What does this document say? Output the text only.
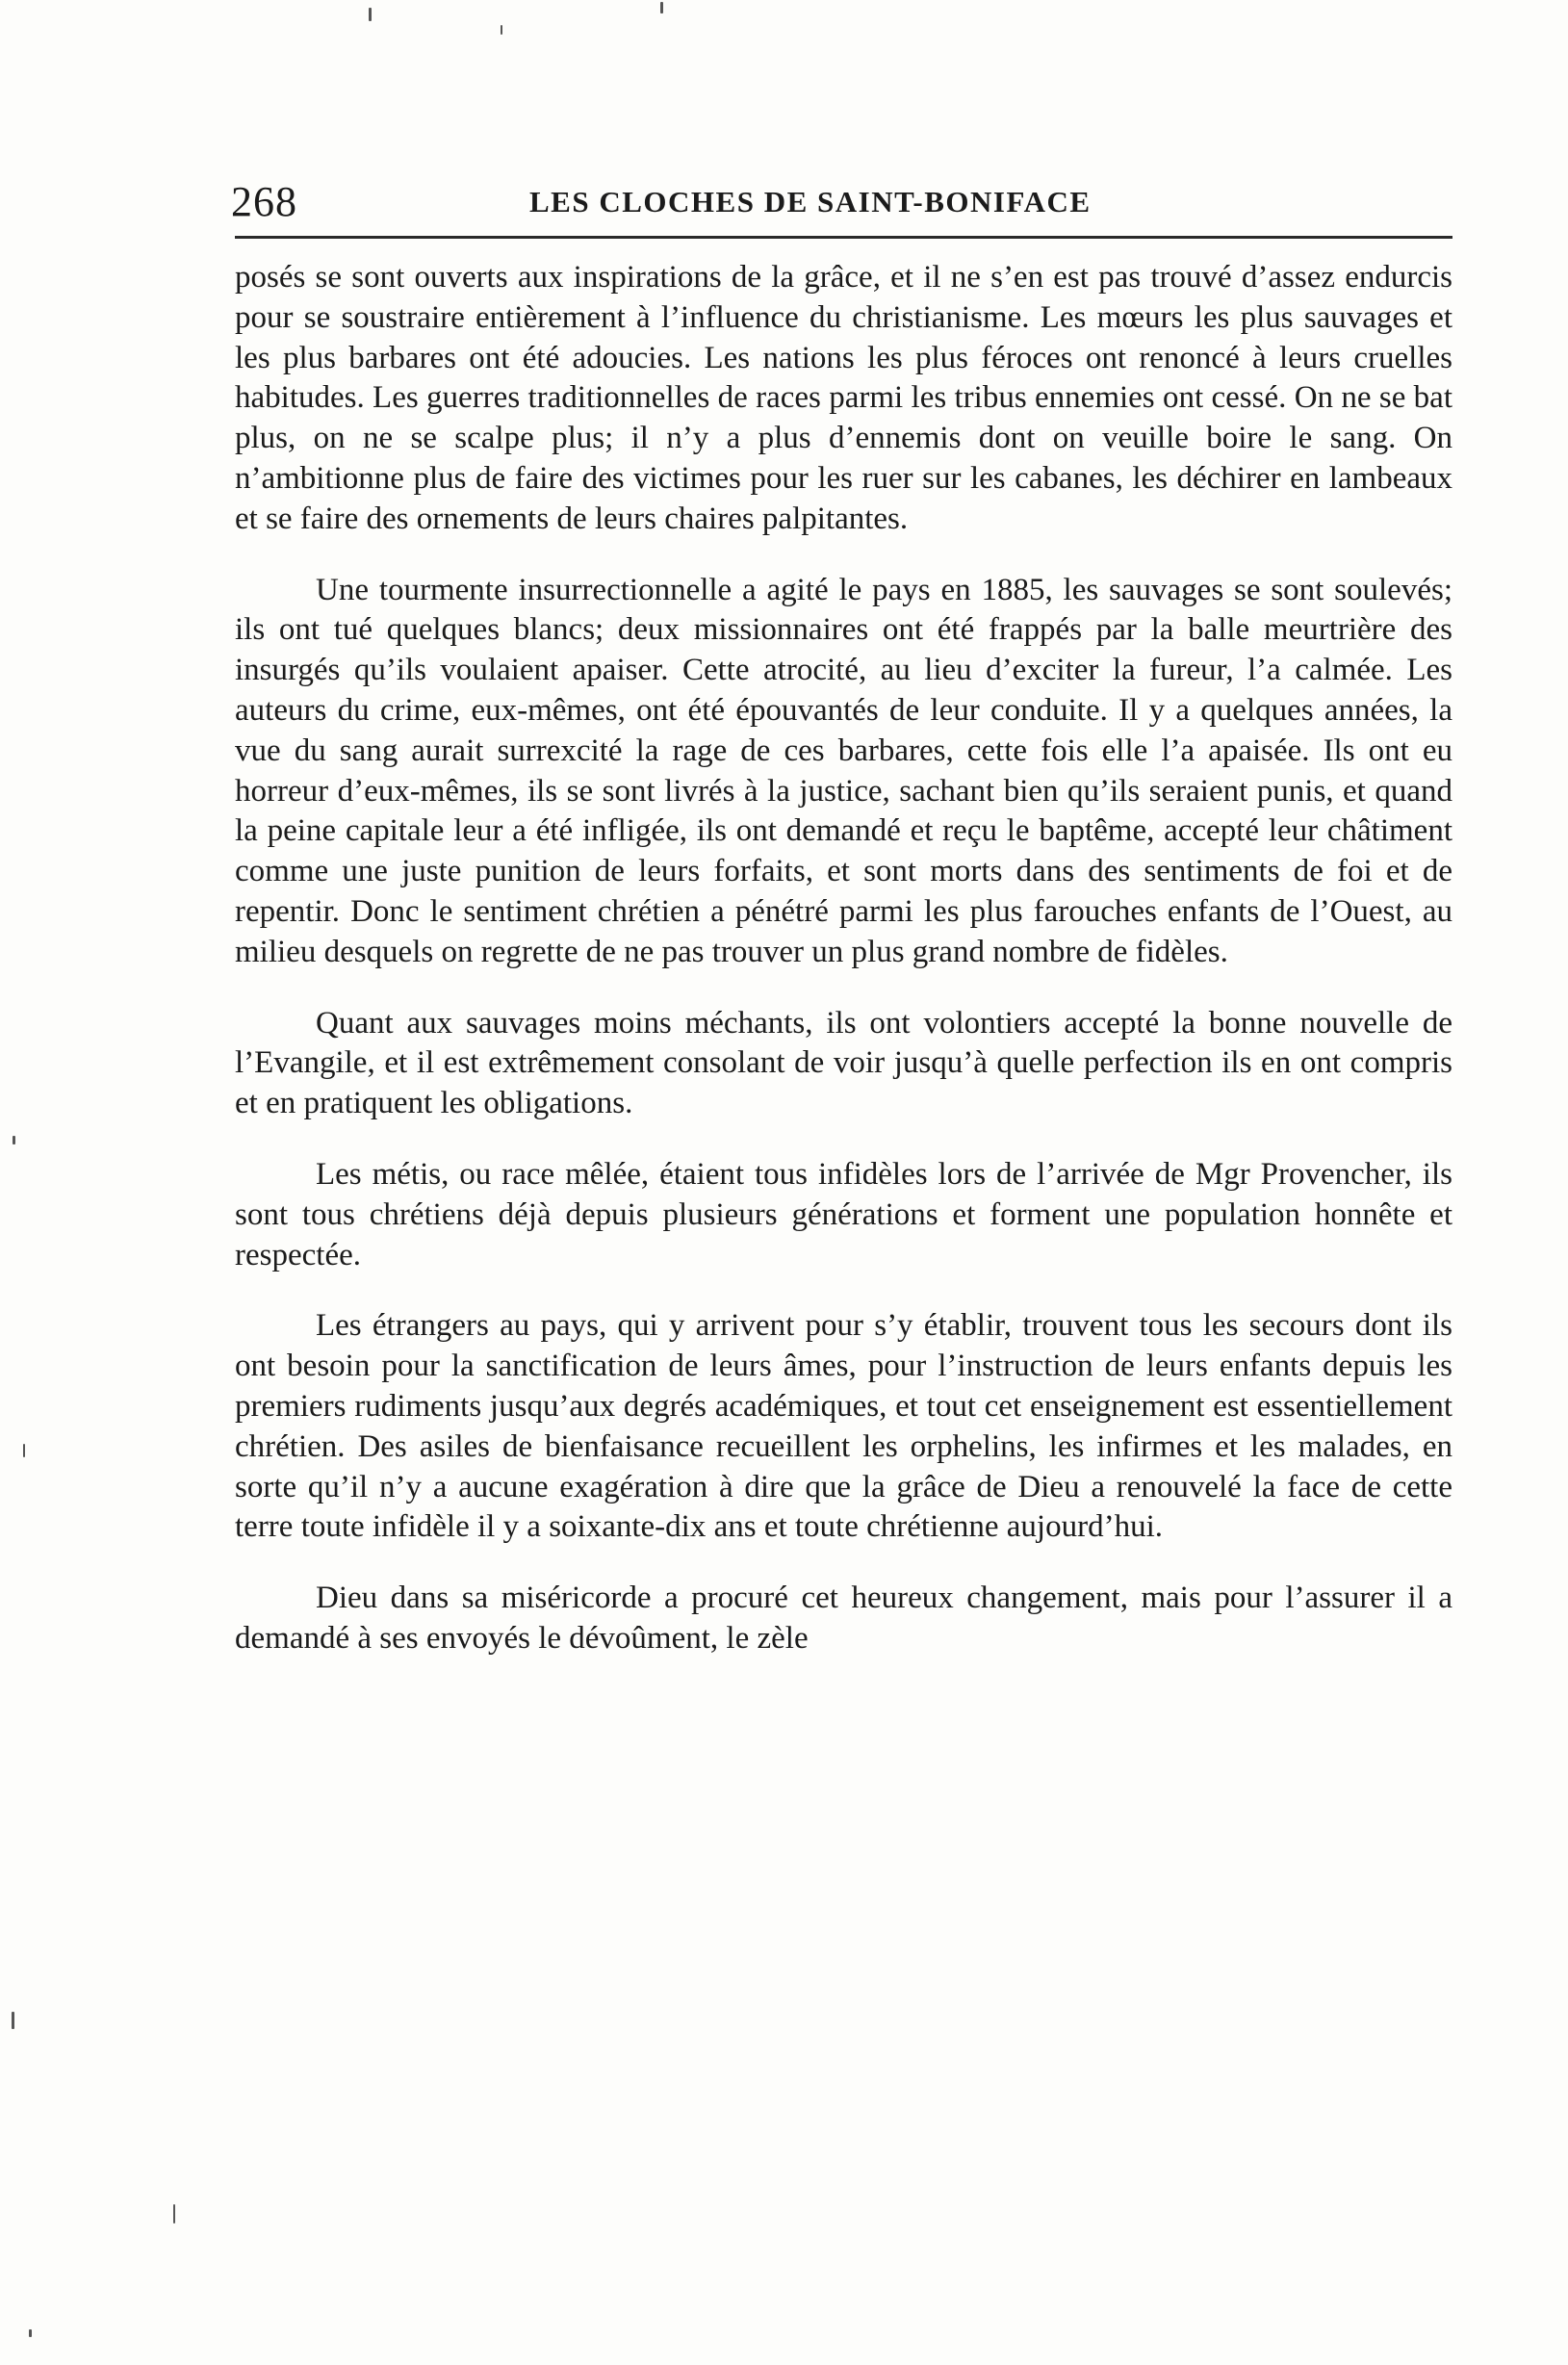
268	LES CLOCHES DE SAINT-BONIFACE

posés se sont ouverts aux inspirations de la grâce, et il ne s’en est pas trouvé d’assez endurcis pour se soustraire entièrement à l’influence du christianisme. Les mœurs les plus sauvages et les plus barbares ont été adoucies. Les nations les plus féroces ont renoncé à leurs cruelles habitudes. Les guerres traditionnelles de races parmi les tribus ennemies ont cessé. On ne se bat plus, on ne se scalpe plus; il n’y a plus d’ennemis dont on veuille boire le sang. On n’ambitionne plus de faire des victimes pour les ruer sur les cabanes, les déchirer en lambeaux et se faire des ornements de leurs chaires palpitantes.

Une tourmente insurrectionnelle a agité le pays en 1885, les sauvages se sont soulevés; ils ont tué quelques blancs; deux missionnaires ont été frappés par la balle meurtrière des insurgés qu’ils voulaient apaiser. Cette atrocité, au lieu d’exciter la fureur, l’a calmée. Les auteurs du crime, eux-mêmes, ont été épouvantés de leur conduite. Il y a quelques années, la vue du sang aurait surrexcité la rage de ces barbares, cette fois elle l’a apaisée. Ils ont eu horreur d’eux-mêmes, ils se sont livrés à la justice, sachant bien qu’ils seraient punis, et quand la peine capitale leur a été infligée, ils ont demandé et reçu le baptême, accepté leur châtiment comme une juste punition de leurs forfaits, et sont morts dans des sentiments de foi et de repentir. Donc le sentiment chrétien a pénétré parmi les plus farouches enfants de l’Ouest, au milieu desquels on regrette de ne pas trouver un plus grand nombre de fidèles.

Quant aux sauvages moins méchants, ils ont volontiers accepté la bonne nouvelle de l’Evangile, et il est extrêmement consolant de voir jusqu’à quelle perfection ils en ont compris et en pratiquent les obligations.

Les métis, ou race mêlée, étaient tous infidèles lors de l’arrivée de Mgr Provencher, ils sont tous chrétiens déjà depuis plusieurs générations et forment une population honnête et respectée.

Les étrangers au pays, qui y arrivent pour s’y établir, trouvent tous les secours dont ils ont besoin pour la sanctification de leurs âmes, pour l’instruction de leurs enfants depuis les premiers rudiments jusqu’aux degrés académiques, et tout cet enseignement est essentiellement chrétien. Des asiles de bienfaisance recueillent les orphelins, les infirmes et les malades, en sorte qu’il n’y a aucune exagération à dire que la grâce de Dieu a renouvelé la face de cette terre toute infidèle il y a soixante-dix ans et toute chrétienne aujourd’hui.

Dieu dans sa miséricorde a procuré cet heureux changement, mais pour l’assurer il a demandé à ses envoyés le dévoûment, le zèle
